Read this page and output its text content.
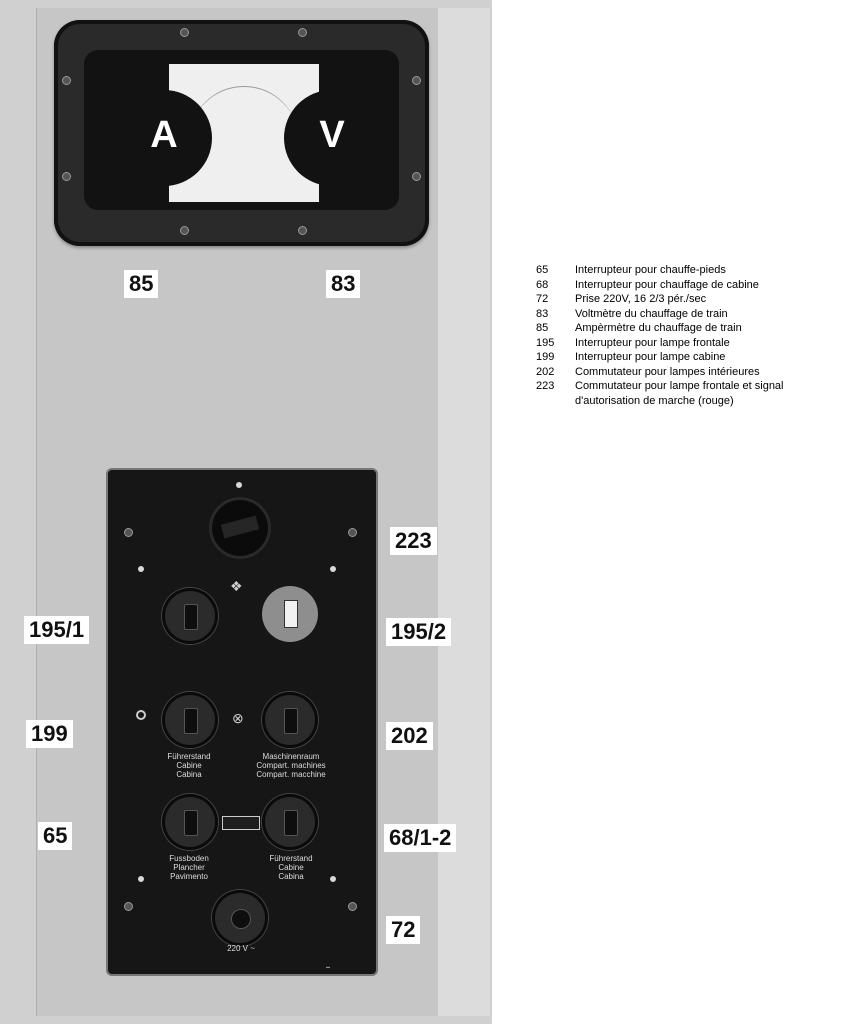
A	V
❖
⊗
Führerstand
Cabine
Cabina
Maschinenraum
Compart. machines
Compart. macchine
Fussboden
Plancher
Pavimento
Führerstand
Cabine
Cabina
220 V ~
▬
85	83
223
195/1	195/2
199	202
65	68/1-2
72
65	Interrupteur pour chauffe-pieds
68	Interrupteur pour chauffage de cabine
72	Prise 220V, 16 2/3 pér./sec
83	Voltmètre du chauffage de train
85	Ampèrmètre du chauffage de train
195	Interrupteur pour lampe frontale
199	Interrupteur pour lampe cabine
202	Commutateur pour lampes intérieures
223	Commutateur pour lampe frontale et signal
d'autorisation de marche (rouge)
